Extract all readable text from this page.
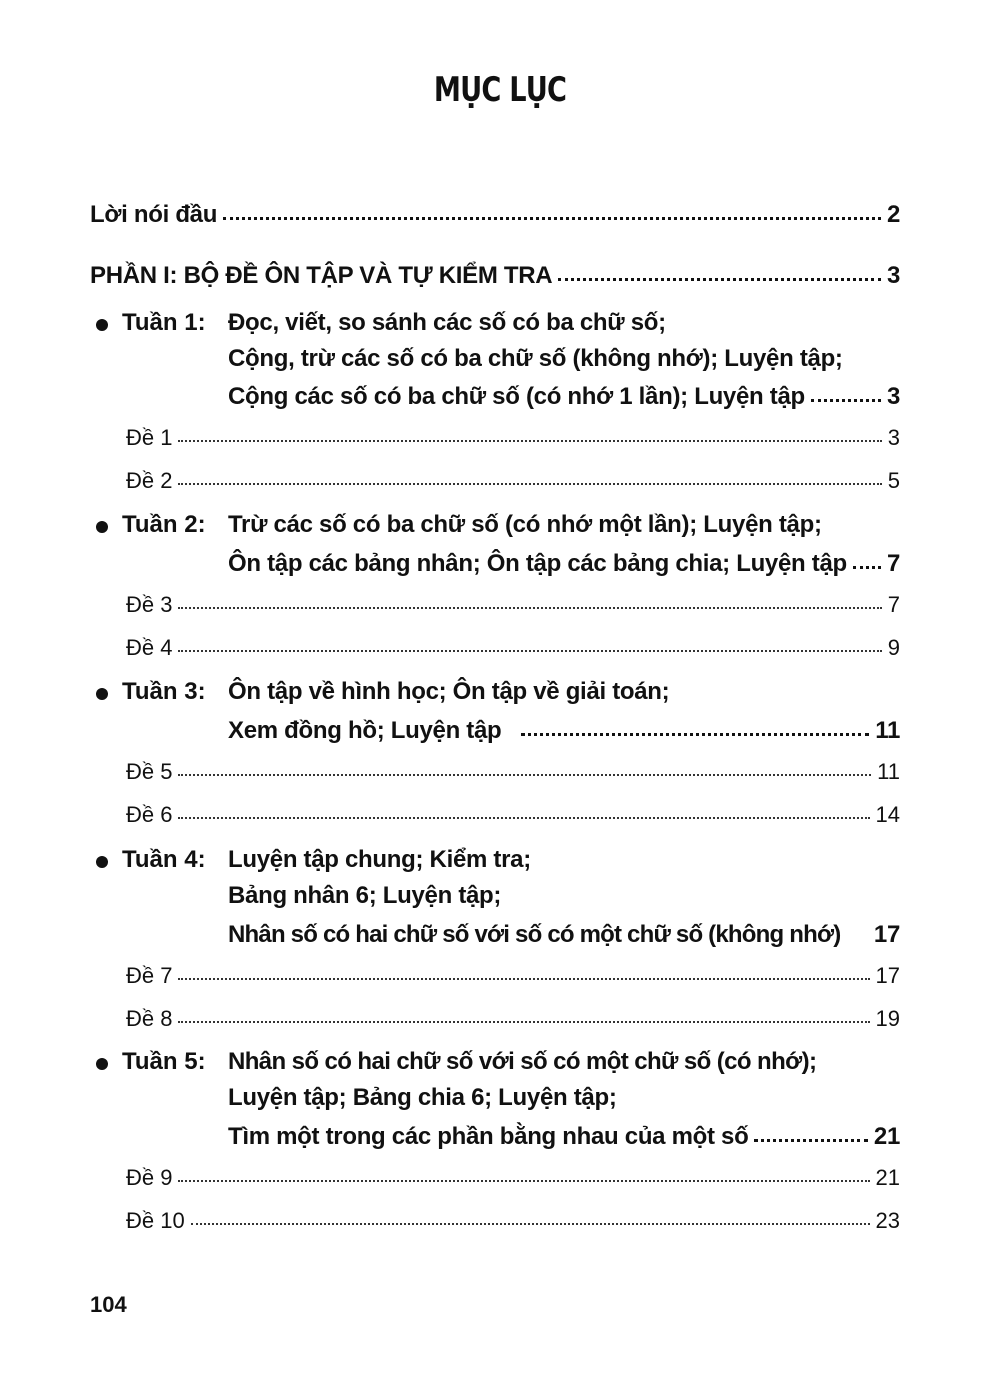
MỤC LỤC
Lời nói đầu	2
PHẦN I: BỘ ĐỀ ÔN TẬP VÀ TỰ KIỂM TRA	3
Tuần 1: Đọc, viết, so sánh các số có ba chữ số;
Cộng, trừ các số có ba chữ số (không nhớ); Luyện tập;
Cộng các số có ba chữ số (có nhớ 1 lần); Luyện tập	3
Đề 1	3
Đề 2	5
Tuần 2: Trừ các số có ba chữ số (có nhớ một lần); Luyện tập;
Ôn tập các bảng nhân; Ôn tập các bảng chia; Luyện tập 7
Đề 3	7
Đề 4	9
Tuần 3: Ôn tập về hình học; Ôn tập về giải toán;
Xem đồng hồ; Luyện tập	11
Đề 5	11
Đề 6	14
Tuần 4: Luyện tập chung; Kiểm tra;
Bảng nhân 6; Luyện tập;
Nhân số có hai chữ số với số có một chữ số (không nhớ) 17
Đề 7	17
Đề 8	19
Tuần 5: Nhân số có hai chữ số với số có một chữ số (có nhớ);
Luyện tập; Bảng chia 6; Luyện tập;
Tìm một trong các phần bằng nhau của một số	21
Đề 9	21
Đề 10	23
104
